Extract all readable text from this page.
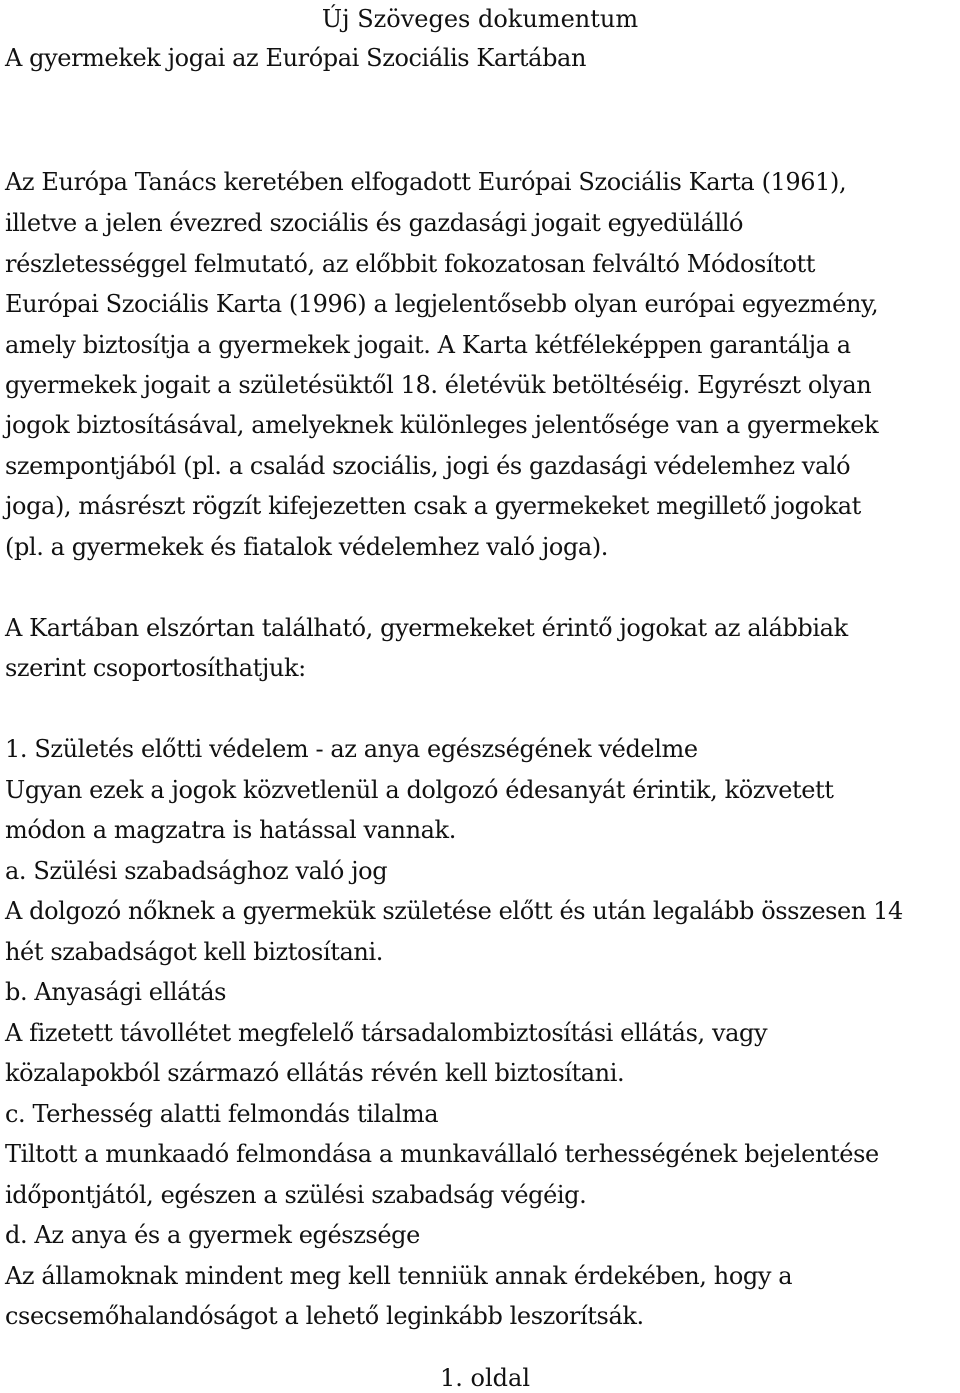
Új Szöveges dokumentum
A gyermekek jogai az Európai Szociális Kartában
Az Európa Tanács keretében elfogadott Európai Szociális Karta (1961),
illetve a jelen évezred szociális és gazdasági jogait egyedülálló
részletességgel felmutató, az előbbit fokozatosan felváltó Módosított
Európai Szociális Karta (1996) a legjelentősebb olyan európai egyezmény,
amely biztosítja a gyermekek jogait. A Karta kétféleképpen garantálja a
gyermekek jogait a születésüktől 18. életévük betöltéséig. Egyrészt olyan
jogok biztosításával, amelyeknek különleges jelentősége van a gyermekek
szempontjából (pl. a család szociális, jogi és gazdasági védelemhez való
joga), másrészt rögzít kifejezetten csak a gyermekeket megillető jogokat
(pl. a gyermekek és fiatalok védelemhez való joga).
A Kartában elszórtan található, gyermekeket érintő jogokat az alábbiak
szerint csoportosíthatjuk:
1. Születés előtti védelem - az anya egészségének védelme
Ugyan ezek a jogok közvetlenül a dolgozó édesanyát érintik, közvetett
módon a magzatra is hatással vannak.
a. Szülési szabadsághoz való jog
A dolgozó nőknek a gyermekük születése előtt és után legalább összesen 14
hét szabadságot kell biztosítani.
b. Anyasági ellátás
A fizetett távollétet megfelelő társadalombiztosítási ellátás, vagy
közalapokból származó ellátás révén kell biztosítani.
c. Terhesség alatti felmondás tilalma
Tiltott a munkaadó felmondása a munkavállaló terhességének bejelentése
időpontjától, egészen a szülési szabadság végéig.
d. Az anya és a gyermek egészsége
Az államoknak mindent meg kell tenniük annak érdekében, hogy a
csecsemőhalandóságot a lehető leginkább leszorítsák.
1. oldal
